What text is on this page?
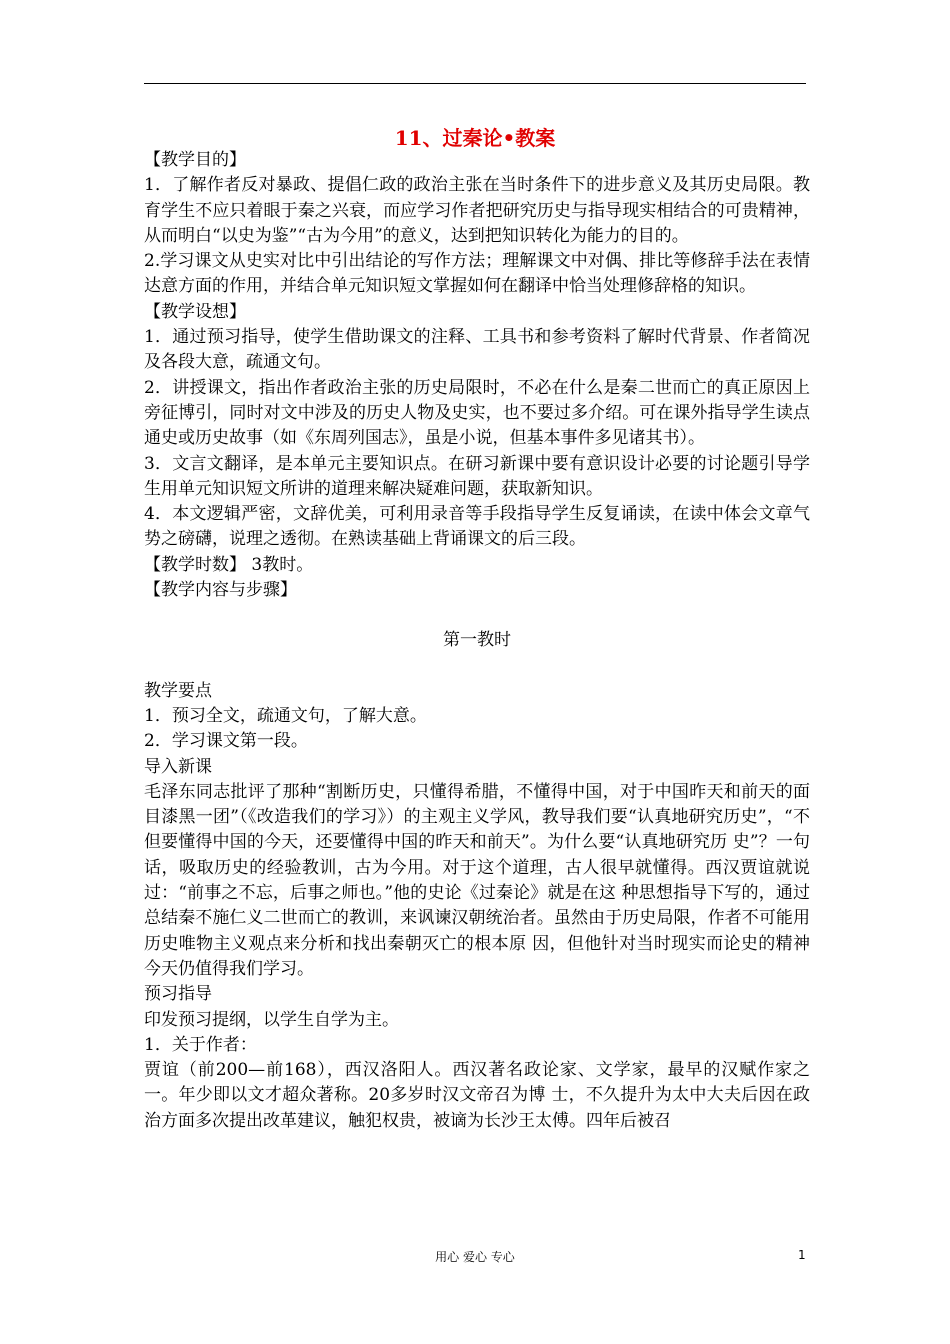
11、过秦论•教案

【教学目的】

1．了解作者反对暴政、提倡仁政的政治主张在当时条件下的进步意义及其历史局限。教育学生不应只着眼于秦之兴衰，而应学习作者把研究历史与指导现实相结合的可贵精神，从而明白“以史为鉴”“古为今用”的意义，达到把知识转化为能力的目的。

2.学习课文从史实对比中引出结论的写作方法；理解课文中对偶、排比等修辞手法在表情达意方面的作用，并结合单元知识短文掌握如何在翻译中恰当处理修辞格的知识。

【教学设想】

1．通过预习指导，使学生借助课文的注释、工具书和参考资料了解时代背景、作者简况及各段大意，疏通文句。

2．讲授课文，指出作者政治主张的历史局限时，不必在什么是秦二世而亡的真正原因上旁征博引，同时对文中涉及的历史人物及史实，也不要过多介绍。可在课外指导学生读点通史或历史故事（如《东周列国志》，虽是小说，但基本事件多见诸其书）。

3．文言文翻译，是本单元主要知识点。在研习新课中要有意识设计必要的讨论题引导学生用单元知识短文所讲的道理来解决疑难问题，获取新知识。

4．本文逻辑严密，文辞优美，可利用录音等手段指导学生反复诵读，在读中体会文章气势之磅礴，说理之透彻。在熟读基础上背诵课文的后三段。

【教学时数】 3教时。

【教学内容与步骤】

第一教时

教学要点

1．预习全文，疏通文句，了解大意。

2．学习课文第一段。

导入新课

毛泽东同志批评了那种“割断历史，只懂得希腊，不懂得中国，对于中国昨天和前天的面目漆黑一团”（《改造我们的学习》）的主观主义学风，教导我们要“认真地研究历史”，“不但要懂得中国的今天，还要懂得中国的昨天和前天”。为什么要“认真地研究历 史”？一句话，吸取历史的经验教训，古为今用。对于这个道理，古人很早就懂得。西汉贾谊就说过：“前事之不忘，后事之师也。”他的史论《过秦论》就是在这 种思想指导下写的，通过总结秦不施仁义二世而亡的教训，来讽谏汉朝统治者。虽然由于历史局限，作者不可能用历史唯物主义观点来分析和找出秦朝灭亡的根本原 因，但他针对当时现实而论史的精神今天仍值得我们学习。

预习指导

印发预习提纲，以学生自学为主。

1．关于作者：

贾谊（前200—前168），西汉洛阳人。西汉著名政论家、文学家，最早的汉赋作家之一。年少即以文才超众著称。20多岁时汉文帝召为博 士，不久提升为太中大夫后因在政治方面多次提出改革建议，触犯权贵，被谪为长沙王太傅。四年后被召

用心 爱心 专心	1
